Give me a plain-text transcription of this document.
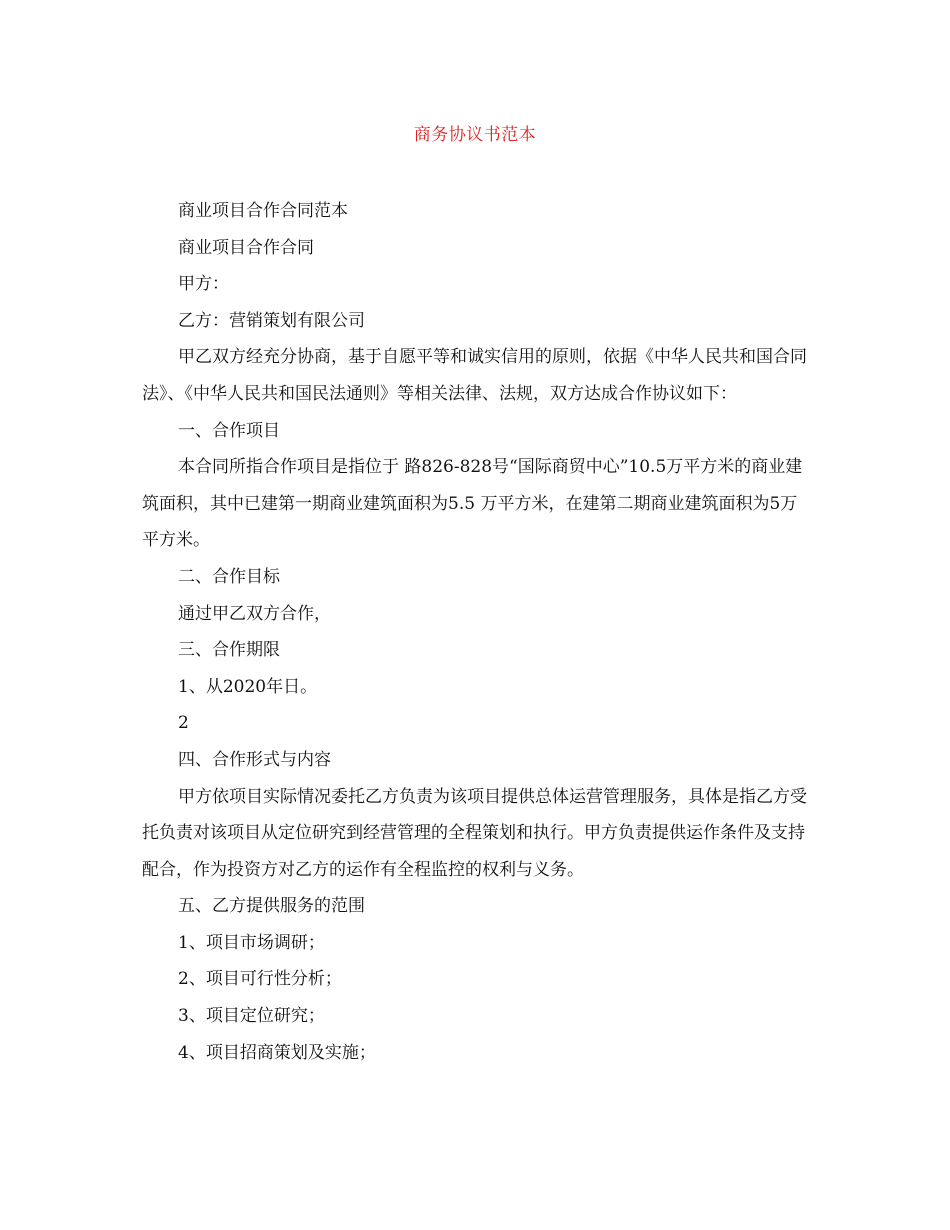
商务协议书范本

商业项目合作合同范本

商业项目合作合同

甲方：

乙方：营销策划有限公司

甲乙双方经充分协商，基于自愿平等和诚实信用的原则，依据《中华人民共和国合同法》、《中华人民共和国民法通则》等相关法律、法规，双方达成合作协议如下：

一、合作项目

本合同所指合作项目是指位于 路826-828号“国际商贸中心”10.5万平方米的商业建筑面积，其中已建第一期商业建筑面积为5.5 万平方米，在建第二期商业建筑面积为5万平方米。

二、合作目标

通过甲乙双方合作，

三、合作期限

1、从2020年日。

2

四、合作形式与内容

甲方依项目实际情况委托乙方负责为该项目提供总体运营管理服务，具体是指乙方受托负责对该项目从定位研究到经营管理的全程策划和执行。甲方负责提供运作条件及支持配合，作为投资方对乙方的运作有全程监控的权利与义务。

五、乙方提供服务的范围

1、项目市场调研；

2、项目可行性分析；

3、项目定位研究；

4、项目招商策划及实施；
